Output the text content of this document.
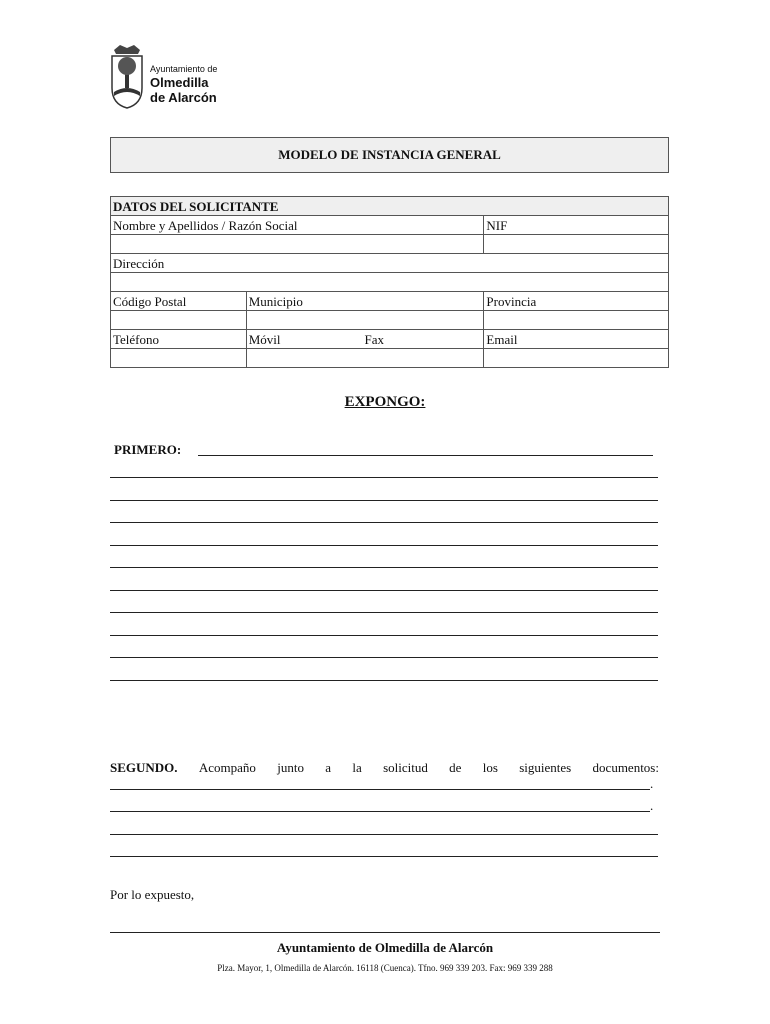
Ayuntamiento de
Olmedilla
de Alarcón
MODELO DE INSTANCIA GENERAL
DATOS DEL SOLICITANTE		
Nombre y Apellidos / Razón Social		NIF

Dirección		

Código Postal	Municipio	Provincia

Teléfono	Móvil Fax	Email

EXPONGO:
PRIMERO:
SEGUNDO. Acompaño junto a la solicitud de los siguientes documentos:
.
.
Por lo expuesto,
Ayuntamiento de Olmedilla de Alarcón
Plza. Mayor, 1, Olmedilla de Alarcón. 16118 (Cuenca). Tfno. 969 339 203. Fax: 969 339 288
